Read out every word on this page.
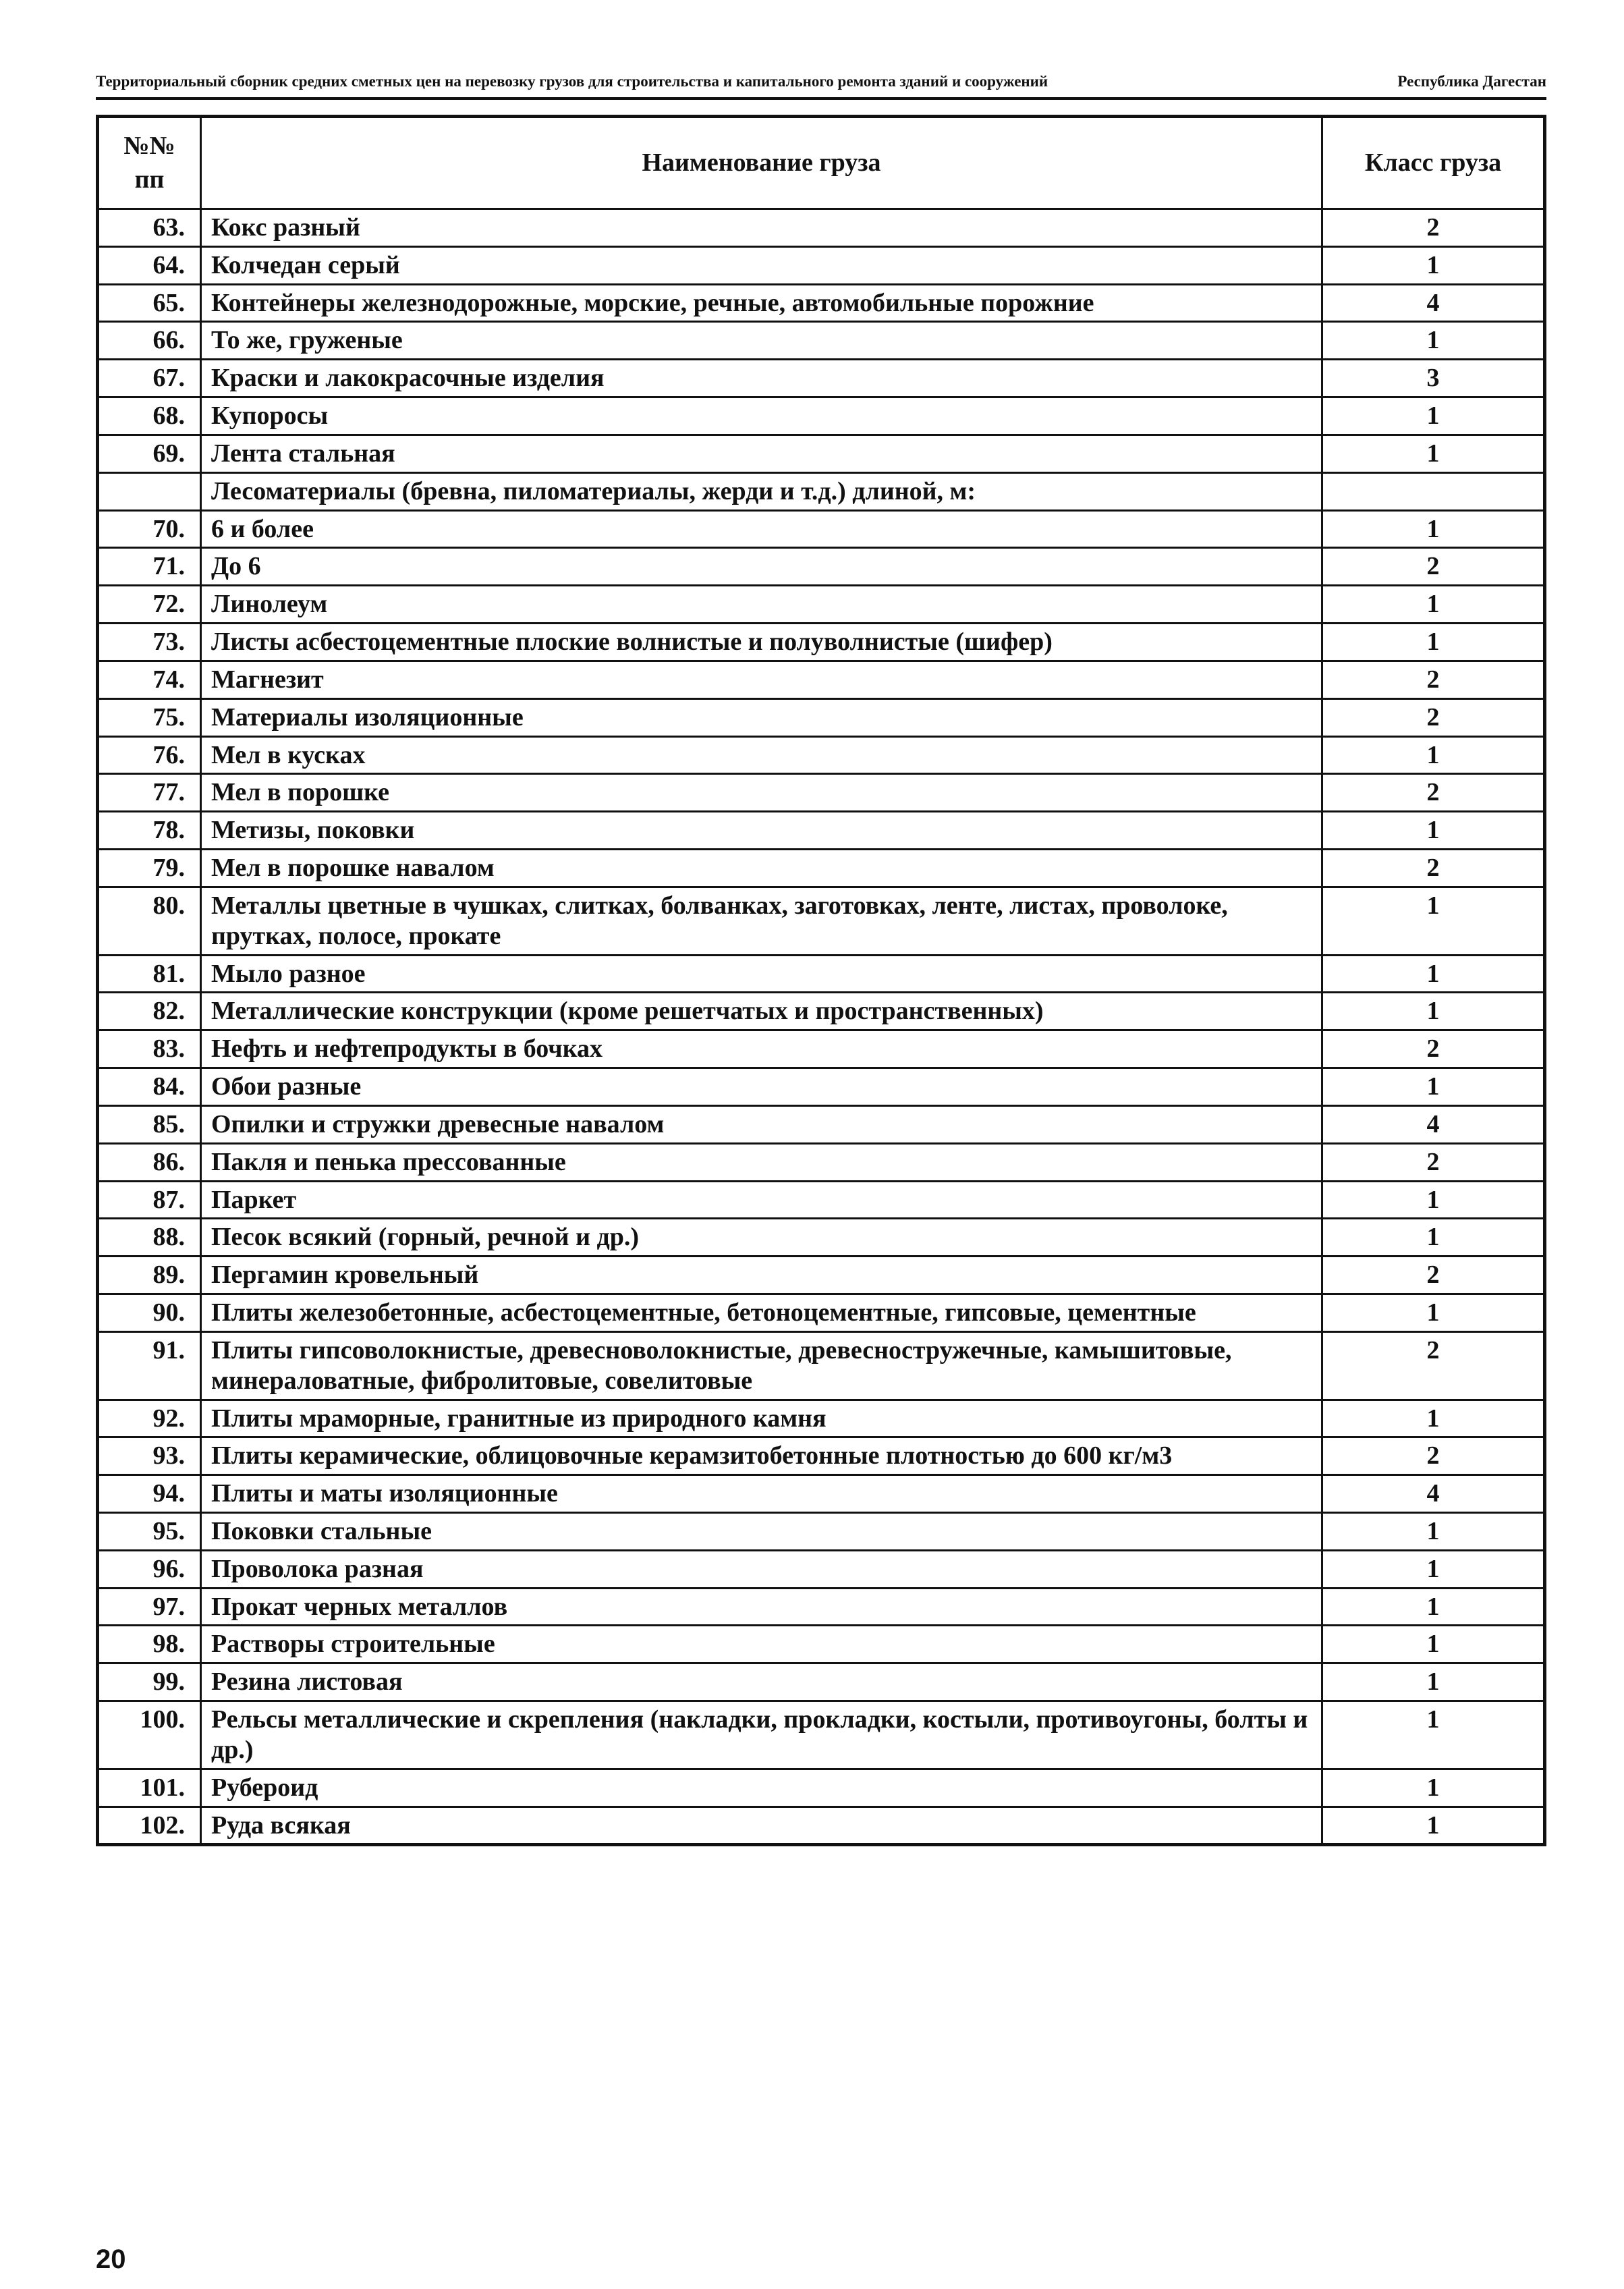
Территориальный сборник средних сметных цен на перевозку грузов для строительства и капитального ремонта зданий и сооружений	Республика Дагестан
№№
пп	Наименование груза	Класс груза
63.	Кокс разный	2
64.	Колчедан серый	1
65.	Контейнеры железнодорожные, морские, речные, автомобильные порожние	4
66.	То же, груженые	1
67.	Краски и лакокрасочные изделия	3
68.	Купоросы	1
69.	Лента стальная	1
	Лесоматериалы (бревна, пиломатериалы, жерди и т.д.) длиной, м:	
70.	6 и более	1
71.	До 6	2
72.	Линолеум	1
73.	Листы асбестоцементные плоские волнистые и полуволнистые (шифер)	1
74.	Магнезит	2
75.	Материалы изоляционные	2
76.	Мел в кусках	1
77.	Мел в порошке	2
78.	Метизы, поковки	1
79.	Мел в порошке навалом	2
80.	Металлы цветные в чушках, слитках, болванках, заготовках, ленте, листах, проволоке, прутках, полосе, прокате	1
81.	Мыло разное	1
82.	Металлические конструкции (кроме решетчатых и пространственных)	1
83.	Нефть и нефтепродукты в бочках	2
84.	Обои разные	1
85.	Опилки и стружки древесные навалом	4
86.	Пакля и пенька прессованные	2
87.	Паркет	1
88.	Песок всякий (горный, речной и др.)	1
89.	Пергамин кровельный	2
90.	Плиты железобетонные, асбестоцементные, бетоноцементные, гипсовые, цементные	1
91.	Плиты гипсоволокнистые, древесноволокнистые, древесностружечные, камышитовые, минераловатные, фибролитовые, совелитовые	2
92.	Плиты мраморные, гранитные из природного камня	1
93.	Плиты керамические, облицовочные керамзитобетонные плотностью до 600 кг/м3	2
94.	Плиты и маты изоляционные	4
95.	Поковки стальные	1
96.	Проволока разная	1
97.	Прокат черных металлов	1
98.	Растворы строительные	1
99.	Резина листовая	1
100.	Рельсы металлические и скрепления (накладки, прокладки, костыли, противоугоны, болты и др.)	1
101.	Рубероид	1
102.	Руда всякая	1
20
